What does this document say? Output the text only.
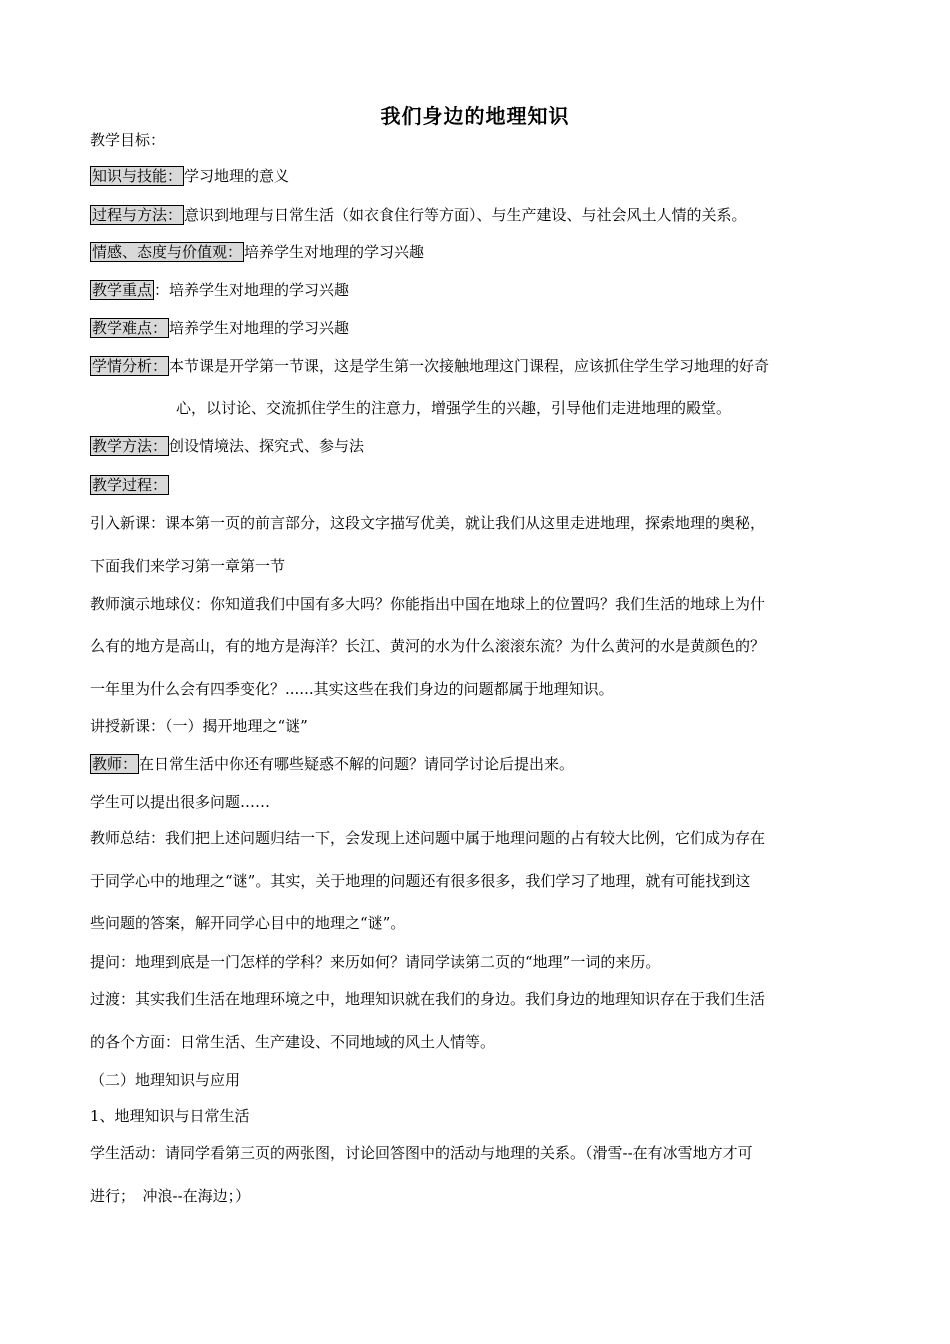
我们身边的地理知识
教学目标：
知识与技能： 学习地理的意义
过程与方法： 意识到地理与日常生活（如衣食住行等方面）、与生产建设、与社会风土人情的关系。
情感、态度与价值观： 培养学生对地理的学习兴趣
教学重点 ：培养学生对地理的学习兴趣
教学难点： 培养学生对地理的学习兴趣
学情分析： 本节课是开学第一节课，这是学生第一次接触地理这门课程，应该抓住学生学习地理的好奇
心，以讨论、交流抓住学生的注意力，增强学生的兴趣，引导他们走进地理的殿堂。
教学方法： 创设情境法、探究式、参与法
教学过程：
引入新课：课本第一页的前言部分，这段文字描写优美，就让我们从这里走进地理，探索地理的奥秘，
下面我们来学习第一章第一节
教师演示地球仪：你知道我们中国有多大吗？你能指出中国在地球上的位置吗？我们生活的地球上为什
么有的地方是高山，有的地方是海洋？长江、黄河的水为什么滚滚东流？为什么黄河的水是黄颜色的？
一年里为什么会有四季变化？......其实这些在我们身边的问题都属于地理知识。
讲授新课：（一）揭开地理之“谜”
教师： 在日常生活中你还有哪些疑惑不解的问题？请同学讨论后提出来。
学生可以提出很多问题……
教师总结：我们把上述问题归结一下，会发现上述问题中属于地理问题的占有较大比例，它们成为存在
于同学心中的地理之“谜”。其实，关于地理的问题还有很多很多，我们学习了地理，就有可能找到这
些问题的答案，解开同学心目中的地理之“谜”。
提问：地理到底是一门怎样的学科？来历如何？请同学读第二页的“地理”一词的来历。
过渡：其实我们生活在地理环境之中，地理知识就在我们的身边。我们身边的地理知识存在于我们生活
的各个方面：日常生活、生产建设、不同地域的风土人情等。
（二）地理知识与应用
1、地理知识与日常生活
学生活动：请同学看第三页的两张图，讨论回答图中的活动与地理的关系。（滑雪--在有冰雪地方才可
进行；　冲浪--在海边；）
